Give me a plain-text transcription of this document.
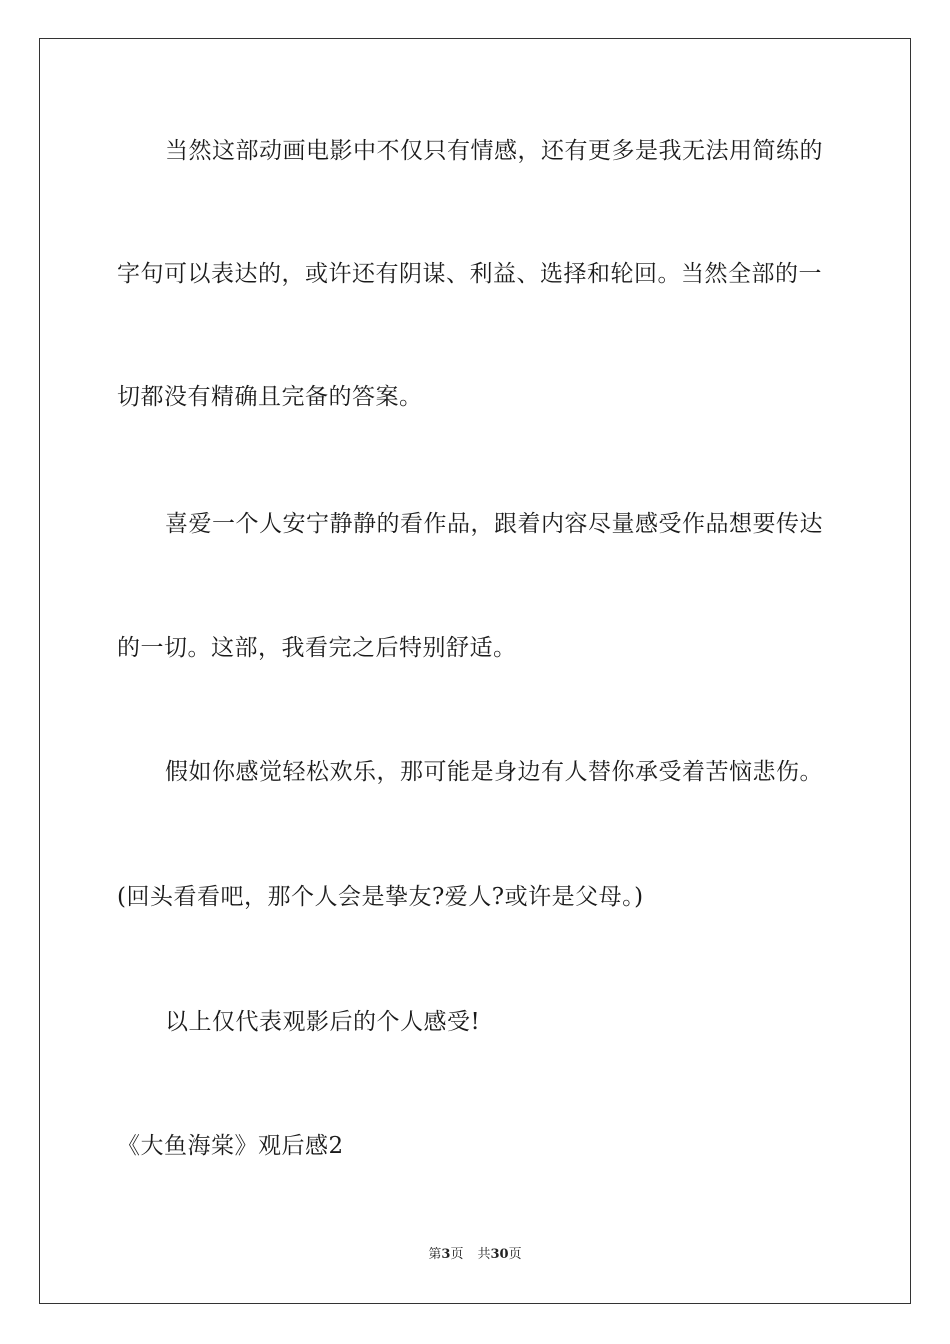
当然这部动画电影中不仅只有情感，还有更多是我无法用简练的
字句可以表达的，或许还有阴谋、利益、选择和轮回。当然全部的一
切都没有精确且完备的答案。
喜爱一个人安宁静静的看作品，跟着内容尽量感受作品想要传达
的一切。这部，我看完之后特别舒适。
假如你感觉轻松欢乐，那可能是身边有人替你承受着苦恼悲伤。
(回头看看吧，那个人会是挚友?爱人?或许是父母。)
以上仅代表观影后的个人感受!
《大鱼海棠》观后感2
第3页 共30页
